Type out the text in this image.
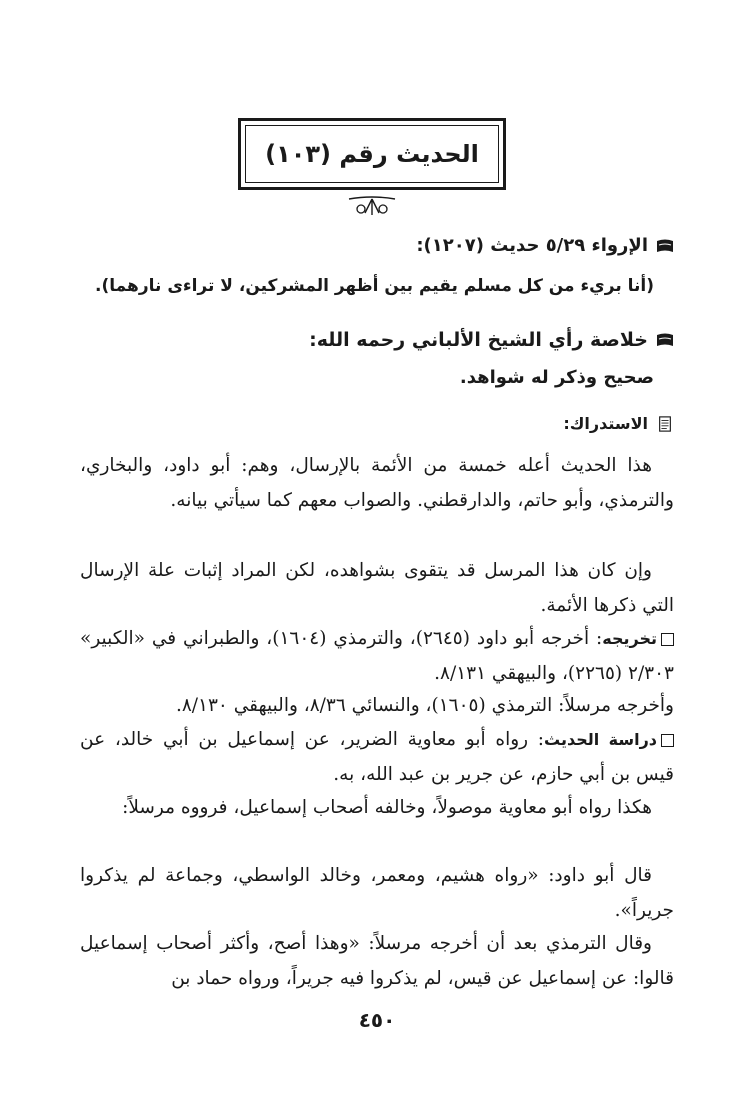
الحديث رقم (١٠٣)
الإرواء ٥/٢٩ حديث (١٢٠٧):
(أنا بريء من كل مسلم يقيم بين أظهر المشركين، لا تراءى نارهما).
خلاصة رأي الشيخ الألباني رحمه الله:
صحيح وذكر له شواهد.
الاستدراك:

هذا الحديث أعله خمسة من الأئمة بالإرسال، وهم: أبو داود، والبخاري، والترمذي، وأبو حاتم، والدارقطني. والصواب معهم كما سيأتي بيانه.

وإن كان هذا المرسل قد يتقوى بشواهده، لكن المراد إثبات علة الإرسال التي ذكرها الأئمة.

تخريجه: أخرجه أبو داود (٢٦٤٥)، والترمذي (١٦٠٤)، والطبراني في «الكبير» ٢/٣٠٣ (٢٢٦٥)، والبيهقي ٨/١٣١.

وأخرجه مرسلاً: الترمذي (١٦٠٥)، والنسائي ٨/٣٦، والبيهقي ٨/١٣٠.

دراسة الحديث: رواه أبو معاوية الضرير، عن إسماعيل بن أبي خالد، عن قيس بن أبي حازم، عن جرير بن عبد الله، به.

هكذا رواه أبو معاوية موصولاً، وخالفه أصحاب إسماعيل، فرووه مرسلاً:

قال أبو داود: «رواه هشيم، ومعمر، وخالد الواسطي، وجماعة لم يذكروا جريراً».

وقال الترمذي بعد أن أخرجه مرسلاً: «وهذا أصح، وأكثر أصحاب إسماعيل قالوا: عن إسماعيل عن قيس، لم يذكروا فيه جريراً، ورواه حماد بن

٤٥٠
